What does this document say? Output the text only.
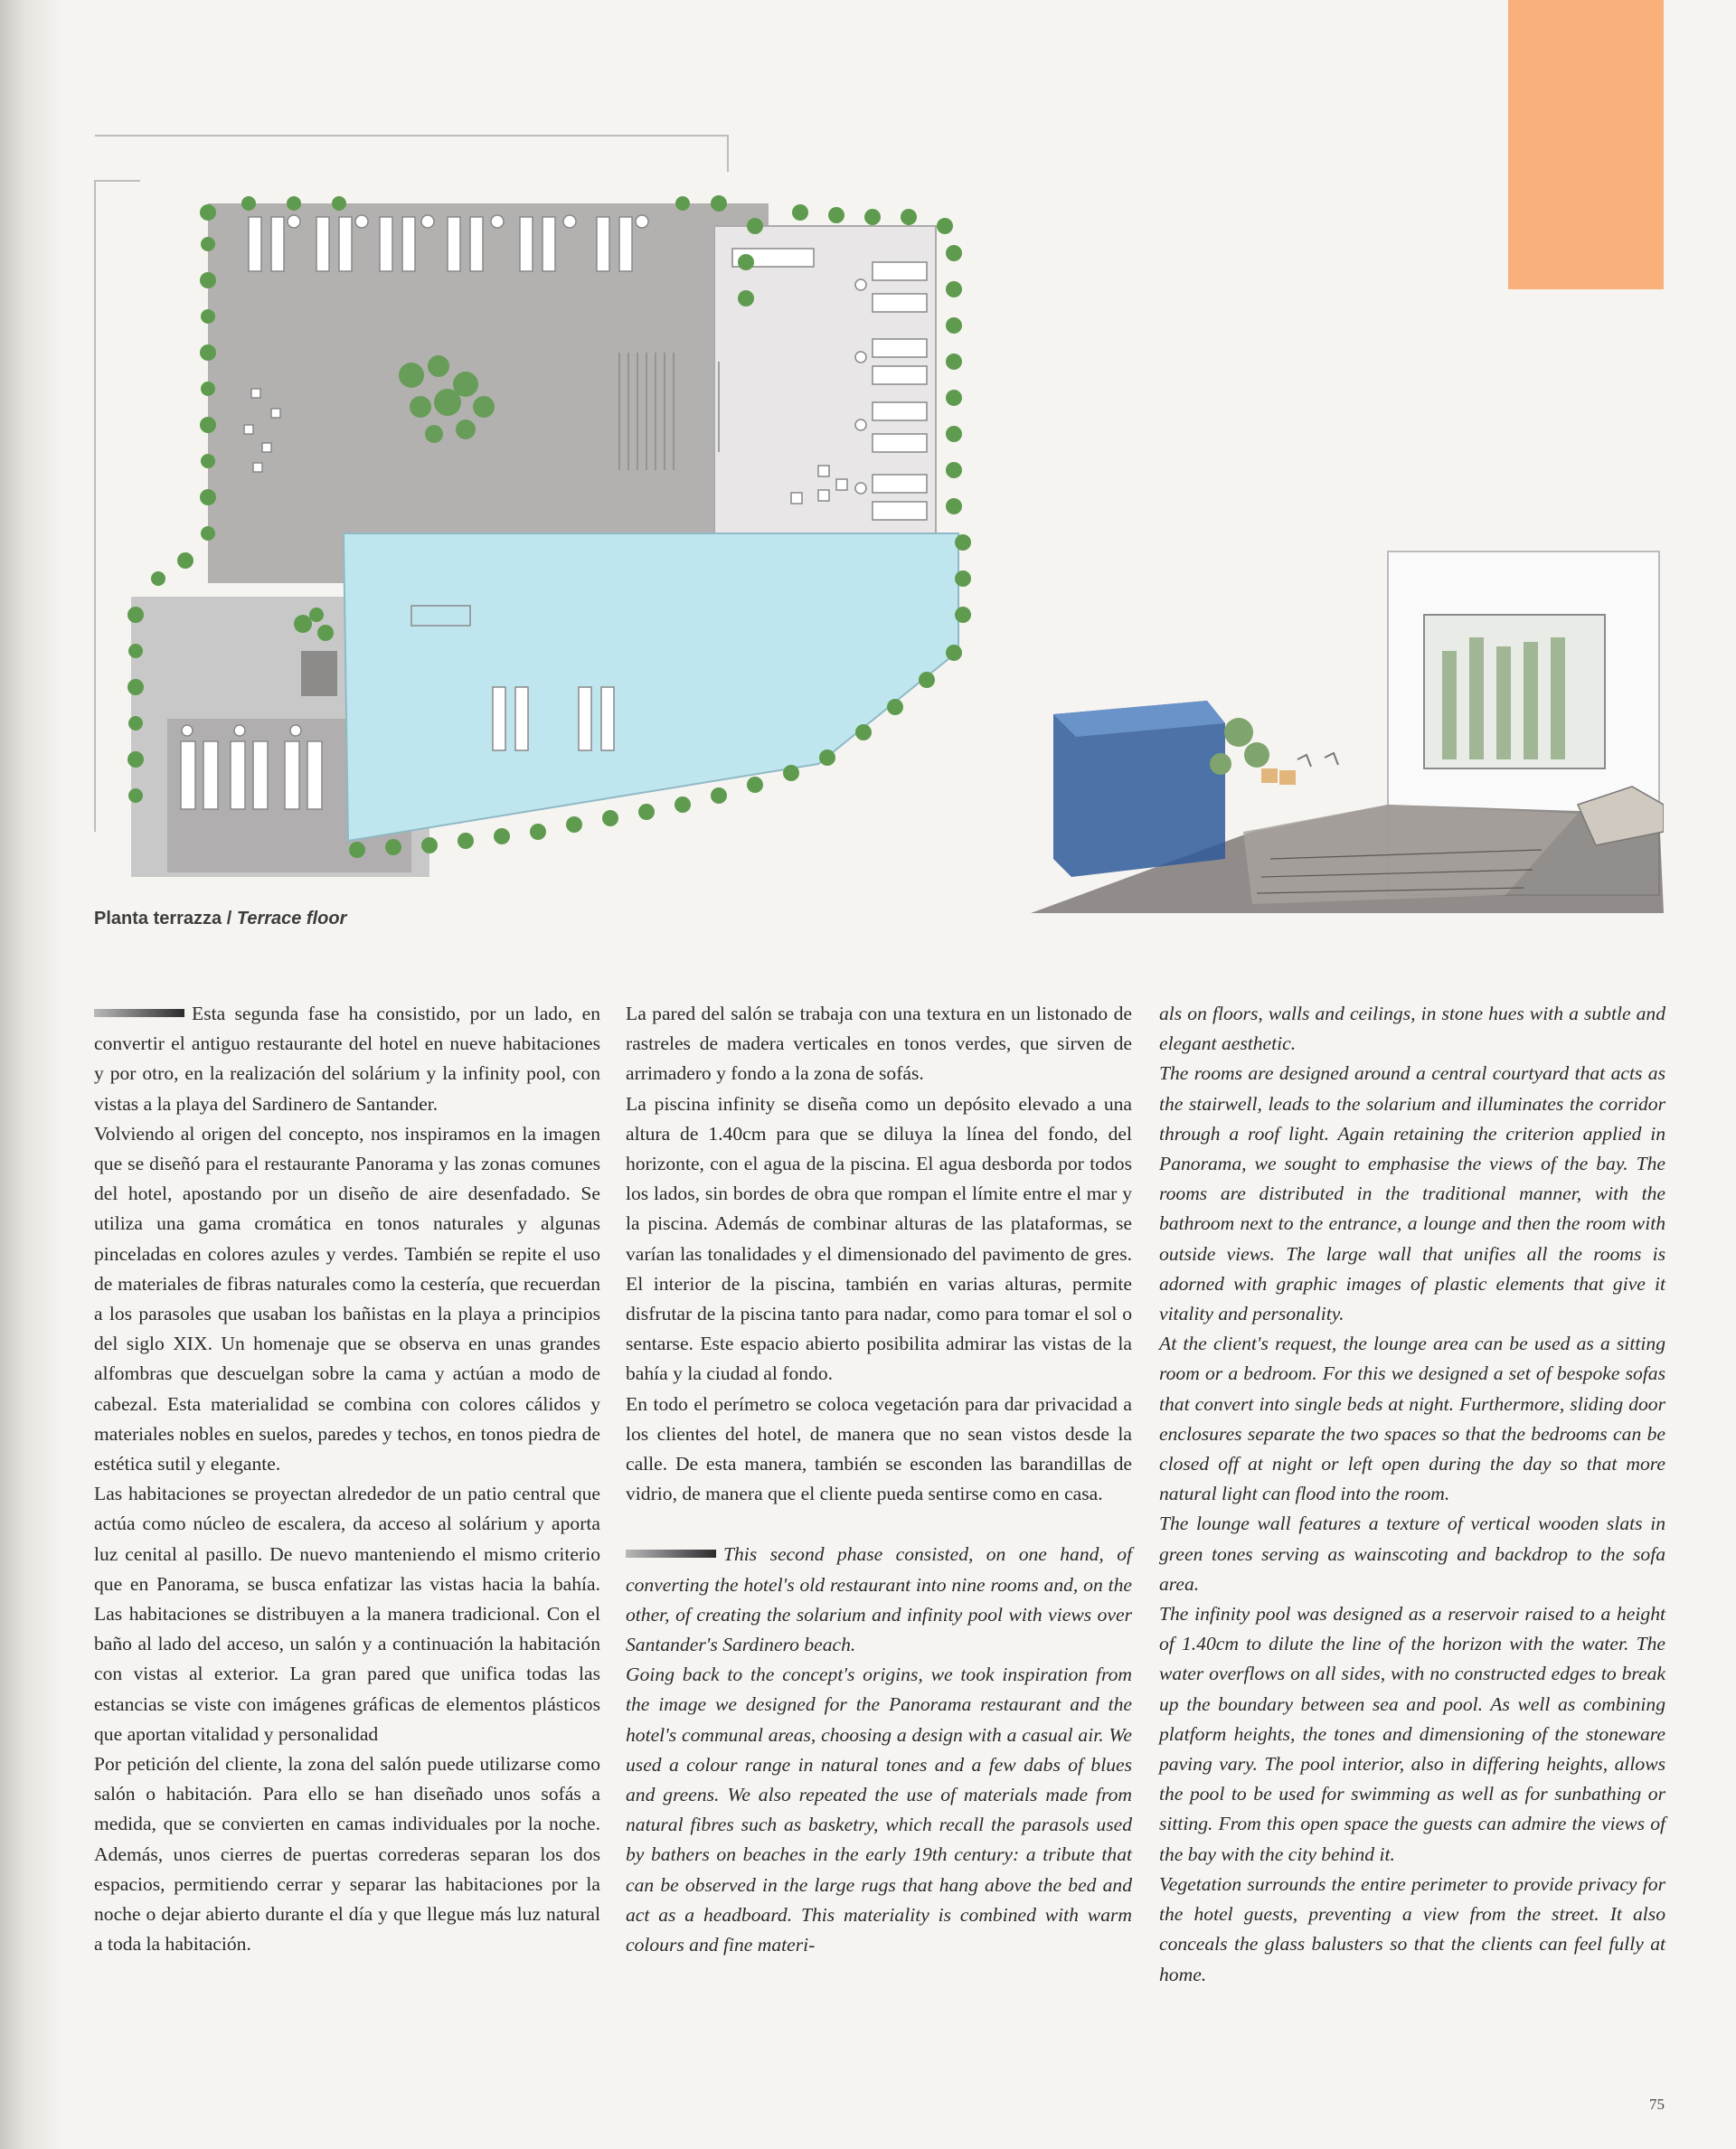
Planta terrazza / Terrace floor

Esta segunda fase ha consistido, por un lado, en convertir el antiguo restaurante del hotel en nueve habitaciones y por otro, en la realización del solárium y la infinity pool, con vistas a la playa del Sardinero de Santander.

Volviendo al origen del concepto, nos inspiramos en la imagen que se diseñó para el restaurante Panorama y las zonas comunes del hotel, apostando por un diseño de aire desenfadado. Se utiliza una gama cromática en tonos naturales y algunas pinceladas en colores azules y verdes. También se repite el uso de materiales de fibras naturales como la cestería, que recuerdan a los parasoles que usaban los bañistas en la playa a principios del siglo XIX. Un homenaje que se observa en unas grandes alfombras que descuelgan sobre la cama y actúan a modo de cabezal. Esta materialidad se combina con colores cálidos y materiales nobles en suelos, paredes y techos, en tonos piedra de estética sutil y elegante.

Las habitaciones se proyectan alrededor de un patio central que actúa como núcleo de escalera, da acceso al solárium y aporta luz cenital al pasillo. De nuevo manteniendo el mismo criterio que en Panorama, se busca enfatizar las vistas hacia la bahía. Las habitaciones se distribuyen a la manera tradicional. Con el baño al lado del acceso, un salón y a continuación la habitación con vistas al exterior. La gran pared que unifica todas las estancias se viste con imágenes gráficas de elementos plásticos que aportan vitalidad y personalidad

Por petición del cliente, la zona del salón puede utilizarse como salón o habitación. Para ello se han diseñado unos sofás a medida, que se convierten en camas individuales por la noche. Además, unos cierres de puertas correderas separan los dos espacios, permitiendo cerrar y separar las habitaciones por la noche o dejar abierto durante el día y que llegue más luz natural a toda la habitación.

La pared del salón se trabaja con una textura en un listonado de rastreles de madera verticales en tonos verdes, que sirven de arrimadero y fondo a la zona de sofás.

La piscina infinity se diseña como un depósito elevado a una altura de 1.40cm para que se diluya la línea del fondo, del horizonte, con el agua de la piscina. El agua desborda por todos los lados, sin bordes de obra que rompan el límite entre el mar y la piscina. Además de combinar alturas de las plataformas, se varían las tonalidades y el dimensionado del pavimento de gres. El interior de la piscina, también en varias alturas, permite disfrutar de la piscina tanto para nadar, como para tomar el sol o sentarse. Este espacio abierto posibilita admirar las vistas de la bahía y la ciudad al fondo.

En todo el perímetro se coloca vegetación para dar privacidad a los clientes del hotel, de manera que no sean vistos desde la calle. De esta manera, también se esconden las barandillas de vidrio, de manera que el cliente pueda sentirse como en casa.

This second phase consisted, on one hand, of converting the hotel's old restaurant into nine rooms and, on the other, of creating the solarium and infinity pool with views over Santander's Sardinero beach.

Going back to the concept's origins, we took inspiration from the image we designed for the Panorama restaurant and the hotel's communal areas, choosing a design with a casual air. We used a colour range in natural tones and a few dabs of blues and greens. We also repeated the use of materials made from natural fibres such as basketry, which recall the parasols used by bathers on beaches in the early 19th century: a tribute that can be observed in the large rugs that hang above the bed and act as a headboard. This materiality is combined with warm colours and fine materi-

als on floors, walls and ceilings, in stone hues with a subtle and elegant aesthetic.

The rooms are designed around a central courtyard that acts as the stairwell, leads to the solarium and illuminates the corridor through a roof light. Again retaining the criterion applied in Panorama, we sought to emphasise the views of the bay. The rooms are distributed in the traditional manner, with the bathroom next to the entrance, a lounge and then the room with outside views. The large wall that unifies all the rooms is adorned with graphic images of plastic elements that give it vitality and personality.

At the client's request, the lounge area can be used as a sitting room or a bedroom. For this we designed a set of bespoke sofas that convert into single beds at night. Furthermore, sliding door enclosures separate the two spaces so that the bedrooms can be closed off at night or left open during the day so that more natural light can flood into the room.

The lounge wall features a texture of vertical wooden slats in green tones serving as wainscoting and backdrop to the sofa area.

The infinity pool was designed as a reservoir raised to a height of 1.40cm to dilute the line of the horizon with the water. The water overflows on all sides, with no constructed edges to break up the boundary between sea and pool. As well as combining platform heights, the tones and dimensioning of the stoneware paving vary. The pool interior, also in differing heights, allows the pool to be used for swimming as well as for sunbathing or sitting. From this open space the guests can admire the views of the bay with the city behind it.

Vegetation surrounds the entire perimeter to provide privacy for the hotel guests, preventing a view from the street. It also conceals the glass balusters so that the clients can feel fully at home.

75
